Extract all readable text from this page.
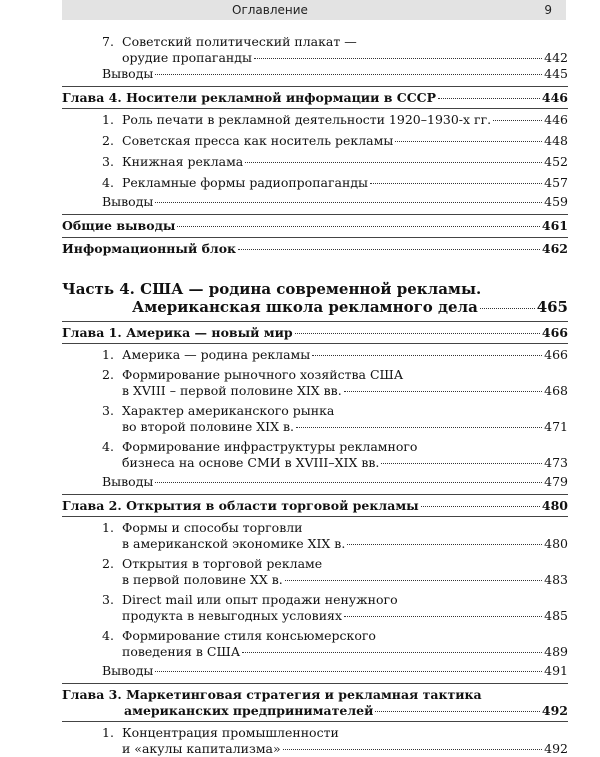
Оглавление	9
7. Советский политический плакат —
орудие пропаганды	442
Выводы	445
Глава 4. Носители рекламной информации в СССР	446
1. Роль печати в рекламной деятельности 1920–1930-х гг.	446
2. Советская пресса как носитель рекламы	448
3. Книжная реклама	452
4. Рекламные формы радиопропаганды	457
Выводы	459
Общие выводы	461
Информационный блок	462
Часть 4. США — родина современной рекламы.
Американская школа рекламного дела	465
Глава 1. Америка — новый мир	466
1. Америка — родина рекламы	466
2. Формирование рыночного хозяйства США
в XVIII – первой половине XIX вв.	468
3. Характер американского рынка
во второй половине XIX в.	471
4. Формирование инфраструктуры рекламного
бизнеса на основе СМИ в XVIII–XIX вв.	473
Выводы	479
Глава 2. Открытия в области торговой рекламы	480
1. Формы и способы торговли
в американской экономике XIX в.	480
2. Открытия в торговой рекламе
в первой половине XX в.	483
3. Direct mail или опыт продажи ненужного
продукта в невыгодных условиях	485
4. Формирование стиля консьюмерского
поведения в США	489
Выводы	491
Глава 3. Маркетинговая стратегия и рекламная тактика
американских предпринимателей	492
1. Концентрация промышленности
и «акулы капитализма»	492
